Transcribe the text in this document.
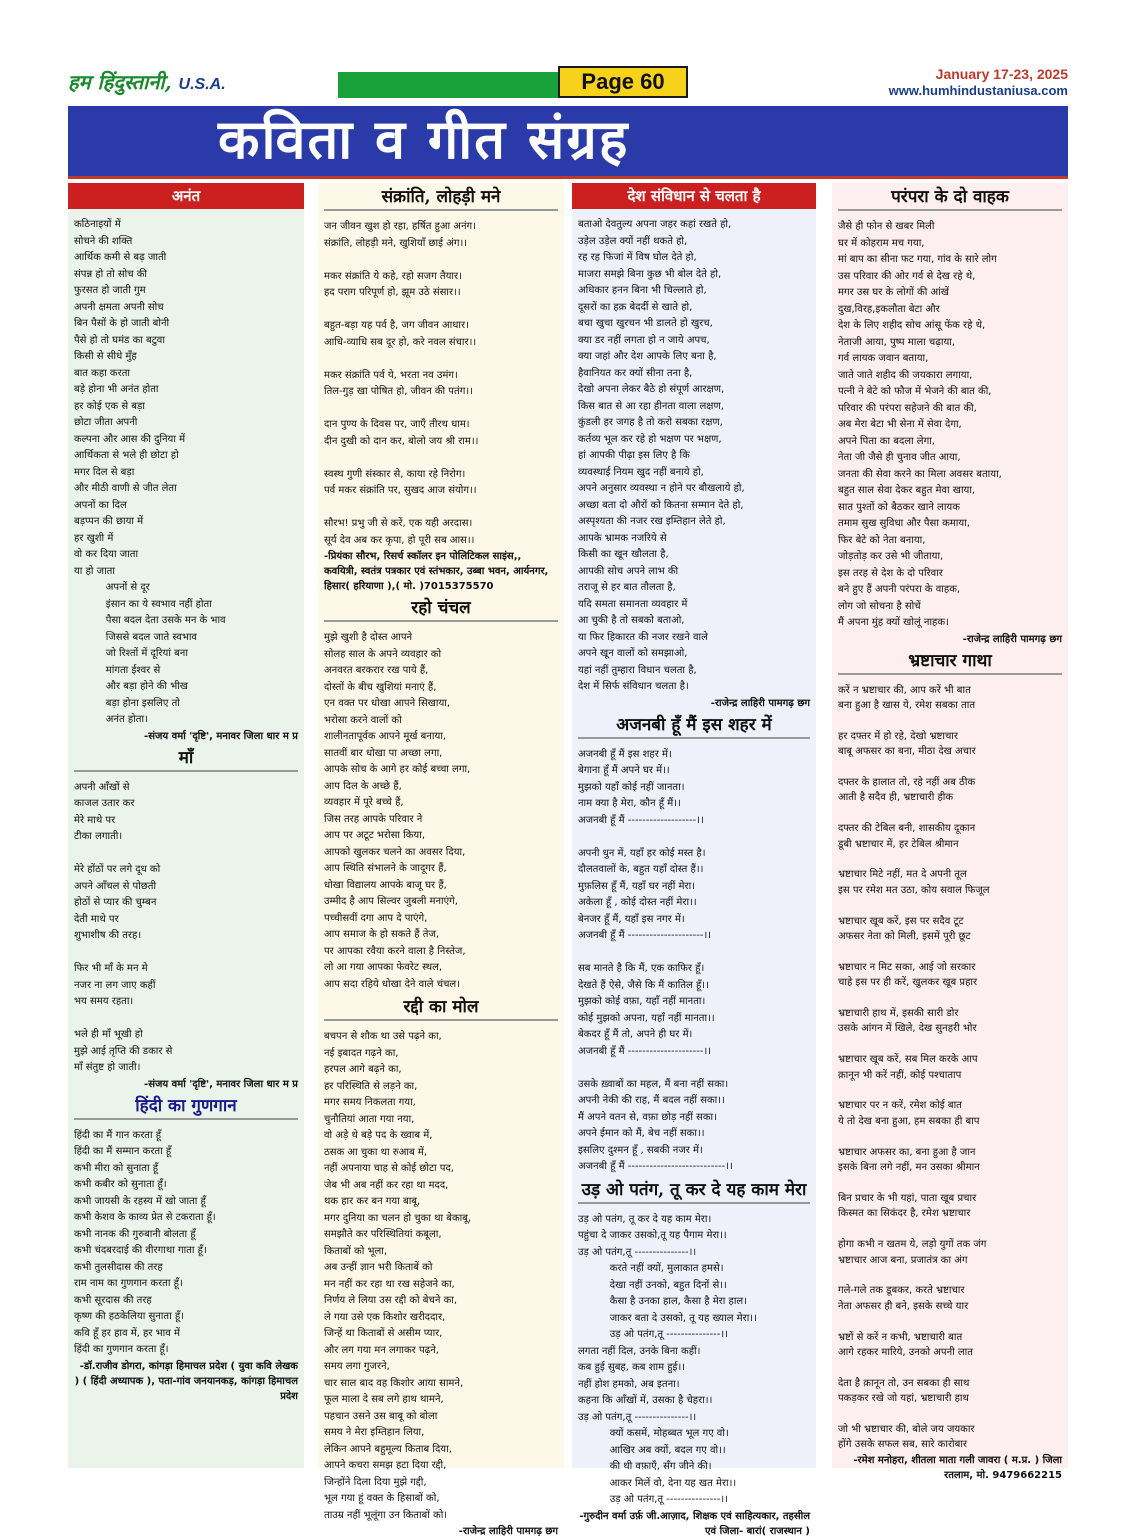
हम हिंदुस्तानी, U.S.A.	Page 60	January 17-23, 2025
www.humhindustaniusa.com
कविता व गीत संग्रह
अनंत
कठिनाइयों में
सोचने की शक्ति
आर्थिक कमी से बढ़ जाती
संपन्न हो तो सोच की
फुरसत हो जाती गुम
अपनी क्षमता अपनी सोच
बिन पैसों के हो जाती बोनी
पैसे हो तो घमंड का बटुवा
किसी से सीधे मुँह
बात कहा करता
बड़े होना भी अनंत होता
हर कोई एक से बड़ा
छोटा जीता अपनी
कल्पना और आस की दुनिया में
आर्थिकता से भले ही छोटा हो
मगर दिल से बड़ा
और मीठी वाणी से जीत लेता
अपनों का दिल
बड़प्पन की छाया में
हर खुशी में
वो कर दिया जाता
या हो जाता
अपनों से दूर
इंसान का ये स्वभाव नहीं होता
पैसा बदल देता उसके मन के भाव
जिससे बदल जाते स्वभाव
जो रिश्तों में दूरियां बना
मांगता ईश्वर से
और बड़ा होने की भीख
बड़ा होना इसलिए तो
अनंत होता।
-संजय वर्मा 'दृष्टि', मनावर जिला धार म प्र
माँ
अपनी आँखों से
काजल उतार कर
मेरे माथे पर
टीका लगाती।

मेरे होंठों पर लगे दूध को
अपने आँचल से पोछती
होठों से प्यार की चुम्बन
देती माथे पर
शुभाशीष की तरह।

फिर भी माँ के मन मे
नजर ना लग जाए कहीं
भय समय रहता।

भले ही माँ भूखी हो
मुझे आई तृप्ति की डकार से
माँ संतुष्ट हो जाती।
-संजय वर्मा 'दृष्टि', मनावर जिला धार म प्र
हिंदी का गुणगान
हिंदी का मैं गान करता हूँ
हिंदी का मैं सम्मान करता हूँ
कभी मीरा को सुनाता हूँ
कभी कबीर को सुनाता हूँ।
कभी जायसी के रहस्य में खो जाता हूँ
कभी केशव के काव्य प्रेत से टकराता हूँ।
कभी नानक की गुरुबानी बोलता हूँ
कभी चंदबरदाई की वीरगाथा गाता हूँ।
कभी तुलसीदास की तरह
राम नाम का गुणगान करता हूँ।
कभी सूरदास की तरह
कृष्ण की हठकेलिया सुनाता हूँ।
कवि हूँ हर हाव में, हर भाव में
हिंदी का गुणगान करता हूँ।
-डॉ.राजीव डोगरा, कांगड़ा हिमाचल प्रदेश ( युवा कवि लेखक ) ( हिंदी अध्यापक ), पता-गांव जनयानकड़, कांगड़ा हिमाचल प्रदेश
संक्रांति, लोहड़ी मने
जन जीवन खुश हो रहा, हर्षित हुआ अनंग।
संक्रांति, लोहड़ी मने, खुशियाँ छाई अंग।।

मकर संक्रांति ये कहे, रहो सजग तैयार।
हद पराग परिपूर्ण हो, झूम उठे संसार।।

बहुत-बड़ा यह पर्व है, जग जीवन आधार।
आधि-व्याधि सब दूर हो, करे नवल संचार।।

मकर संक्रांति पर्व ये, भरता नव उमंग।
तिल-गुड़ खा पोषित हो, जीवन की पतंग।।

दान पुण्य के दिवस पर, जाएँ तीरथ धाम।
दीन दुखी को दान कर, बोलो जय श्री राम।।

स्वस्थ गुणी संस्कार से, काया रहे निरोग।
पर्व मकर संक्रांति पर, सुखद आज संयोग।।

सौरभ! प्रभु जी से करें, एक यही अरदास।
सूर्य देव अब कर कृपा, हो पूरी सब आस।।
-प्रियंका सौरभ, रिसर्च स्कॉलर इन पोलिटिकल साइंस,, कवयित्री, स्वतंत्र पत्रकार एवं स्तंभकार, उब्बा भवन, आर्यनगर, हिसार( हरियाणा ),( मो. )7015375570
रहो चंचल
मुझे खुशी है दोस्त आपने
सोलह साल के अपने व्यवहार को
अनवरत बरकरार रख पाये हैं,
दोस्तों के बीच खुशियां मनाएं हैं,
एन वक्त पर धोखा आपने सिखाया,
भरोसा करने वालों को
शालीनतापूर्वक आपने मूर्ख बनाया,
सातवीं बार धोखा पा अच्छा लगा,
आपके सोच के आगे हर कोई बच्चा लगा,
आप दिल के अच्छे हैं,
व्यवहार में पूरे बच्चे हैं,
जिस तरह आपके परिवार ने
आप पर अटूट भरोसा किया,
आपको खुलकर चलने का अवसर दिया,
आप स्थिति संभालने के जादूगर हैं,
धोखा विद्यालय आपके बाजू घर हैं,
उम्मीद है आप सिल्वर जुबली मनाएंगे,
पच्चीसवीं दगा आप दे पाएंगे,
आप समाज के हो सकते हैं तेज,
पर आपका रवैया करने वाला है निस्तेज,
लो आ गया आपका फेवरेट स्थल,
आप सदा रहिये धोखा देने वाले चंचल।
रद्दी का मोल
बचपन से शौक था उसे पढ़ने का,
नई इबादत गढ़ने का,
हरपल आगे बढ़ने का,
हर परिस्थिति से लड़ने का,
मगर समय निकलता गया,
चुनौतियां आता गया नया,
वो अड़े थे बड़े पद के ख्वाब में,
ठसक आ चुका था रुआब में,
नहीं अपनाया चाह से कोई छोटा पद,
जेब भी अब नहीं कर रहा था मदद,
थक हार कर बन गया बाबू,
मगर दुनिया का चलन हो चुका था बेकाबू,
समझौते कर परिस्थितियां कबूला,
किताबों को भूला,
अब उन्हीं ज्ञान भरी किताबें को
मन नहीं कर रहा था रख सहेजने का,
निर्णय ले लिया उस रद्दी को बेचने का,
ले गया उसे एक किशोर खरीददार,
जिन्हें था किताबों से असीम प्यार,
और लग गया मन लगाकर पढ़ने,
समय लगा गुजरने,
चार साल बाद वह किशोर आया सामने,
फूल माला दे सब लगे हाथ थामने,
पहचान उसने उस बाबू को बोला
समय ने मेरा इम्तिहान लिया,
लेकिन आपने बहुमूल्य किताब दिया,
आपने कचरा समझ हटा दिया रद्दी,
जिन्होंने दिला दिया मुझे गद्दी,
भूल गया हूं वक्त के हिसाबों को,
ताउम्र नहीं भूलूंगा उन किताबों को।
-राजेन्द्र लाहिरी पामगढ़ छग
देश संविधान से चलता है
बताओ देवतुल्य अपना जहर कहां रखते हो,
उड़ेल उड़ेल क्यों नहीं थकते हो,
रह रह फिजां में विष घोल देते हो,
माजरा समझे बिना कुछ भी बोल देते हो,
अधिकार हनन बिना भी चिल्लाते हो,
दूसरों का हक़ बेदर्दी से खाते हो,
बचा खुचा खुरचन भी डालते हो खुरच,
क्या डर नहीं लगता हो न जाये अपच,
क्या जहां और देश आपके लिए बना है,
हैवानियत कर क्यों सीना तना है,
देखो अपना लेकर बैठे हो संपूर्ण आरक्षण,
किस बात से आ रहा हीनता वाला लक्षण,
कुंडली हर जगह है तो करो सबका रक्षण,
कर्तव्य भूल कर रहे हो भक्षण पर भक्षण,
हां आपकी पीढ़ा इस लिए है कि
व्यवस्थाई नियम खुद नहीं बनाये हो,
अपने अनुसार व्यवस्था न होने पर बौखलाये हो,
अच्छा बता दो औरों को कितना सम्मान देते हो,
अस्पृश्यता की नजर रख इम्तिहान लेते हो,
आपके भ्रामक नजरिये से
किसी का खून खौलता है,
आपकी सोच अपने लाभ की
तराजू से हर बात तौलता है,
यदि समता समानता व्यवहार में
आ चुकी है तो सबको बताओ,
या फिर हिकारत की नजर रखने वाले
अपने खून वालों को समझाओ,
यहां नहीं तुम्हारा विधान चलता है,
देश में सिर्फ संविधान चलता है।
-राजेन्द्र लाहिरी पामगढ़ छग
अजनबी हूँ मैं इस शहर में
अजनबी हूँ मैं इस शहर में।
बेगाना हूँ मैं अपने घर में।।
मुझको यहाँ कोई नहीं जानता।
नाम क्या है मेरा, कौन हूँ मैं।।
अजनबी हूँ मैं -------------------।।

अपनी धुन में, यहाँ हर कोई मस्त है।
दौलतवालों के, बहुत यहाँ दोस्त हैं।।
मुफ़लिस हूँ मैं, यहाँ घर नहीं मेरा।
अकेला हूँ , कोई दोस्त नहीं मेरा।।
बेनजर हूँ मैं, यहाँ इस नगर में।
अजनबी हूँ मैं ---------------------।।

सब मानते है कि मैं, एक काफिर हूँ।
देखते हैं ऐसे, जैसे कि मैं कातिल हूँ।।
मुझको कोई वफ़ा, यहाँ नहीं मानता।
कोई मुझको अपना, यहाँ नहीं मानता।।
बेकदर हूँ मैं तो, अपने ही घर में।
अजनबी हूँ मैं ---------------------।।

उसके ख़्वाबों का महल, मैं बना नहीं सका।
अपनी नेकी की राह, मैं बदल नहीं सका।।
मैं अपने वतन से, वफ़ा छोड़ नहीं सका।
अपने ईमान को मैं, बेच नहीं सका।।
इसलिए दुश्मन हूँ , सबकी नजर में।
अजनबी हूँ मैं ---------------------------।।
उड़ ओ पतंग, तू कर दे यह काम मेरा
उड़ ओ पतंग, तू कर दे यह काम मेरा।
पहुंचा दे जाकर उसको,तू यह पैगाम मेरा।।
उड़ ओ पतंग,तू ---------------।।
करते नहीं क्यों, मुलाकात हमसे।
देखा नहीं उनको, बहुत दिनों से।।
कैसा है उनका हाल, कैसा है मेरा हाल।
जाकर बता दे उसको, तू यह ख्याल मेरा।।
उड़ ओ पतंग,तू ---------------।।
लगता नहीं दिल, उनके बिना कहीं।
कब हुई सुबह, कब शाम हुई।।
नहीं होश हमको, अब इतना।
कहना कि आँखों में, उसका है चेहरा।।
उड़ ओ पतंग,तू ---------------।।
क्यों कसमें, मोहब्बत भूल गए वो।
आखिर अब क्यों, बदल गए वो।।
की थी वफ़ाएँ, सँग जीने की।
आकर मिलें वो, देना यह खत मेरा।।
उड़ ओ पतंग,तू ---------------।।
-गुरुदीन वर्मा उर्फ़ जी.आज़ाद, शिक्षक एवं साहित्यकार, तहसील एवं जिला- बारां( राजस्थान )
परंपरा के दो वाहक
जैसे ही फोन से खबर मिली
घर में कोहराम मच गया,
मां बाप का सीना फट गया, गांव के सारे लोग
उस परिवार की ओर गर्व से देख रहे थे,
मगर उस घर के लोगों की आंखें
दुख,विरह,इकलौता बेटा और
देश के लिए शहीद सोच आंसू फेंक रहे थे,
नेताजी आया, पुष्प माला चढ़ाया,
गर्व लायक जवान बताया,
जाते जाते शहीद की जयकारा लगाया,
पत्नी ने बेटे को फौज में भेजने की बात की,
परिवार की परंपरा सहेजने की बात की,
अब मेरा बेटा भी सेना में सेवा देगा,
अपने पिता का बदला लेगा,
नेता जी जैसे ही चुनाव जीत आया,
जनता की सेवा करने का मिला अवसर बताया,
बहुत साल सेवा देकर बहुत मेवा खाया,
सात पुश्तों को बैठकर खाने लायक
तमाम सुख सुविधा और पैसा कमाया,
फिर बेटे को नेता बनाया,
जोड़तोड़ कर उसे भी जीताया,
इस तरह से देश के दो परिवार
बने हुए हैं अपनी परंपरा के वाहक,
लोग जो सोचना है सोचें
मैं अपना मुंह क्यों खोलूं नाहक।
-राजेन्द्र लाहिरी पामगढ़ छग
भ्रष्टाचार गाथा
करें न भ्रष्टाचार की, आप करें भी बात
बना हुआ है खास ये, रमेश सबका तात

हर दफ्तर में हो रहे, देखो भ्रष्टाचार
बाबू अफसर का बना, मीठा देख अचार

दफ्तर के हालात तो, रहे नहीं अब ठीक
आती है सदैव ही, भ्रष्टाचारी हीक

दफ्तर की टेबिल बनी, शासकीय दूकान
डूबी भ्रष्टाचार में, हर टेबिल श्रीमान

भ्रष्टाचार मिटे नहीं, मत दे अपनी तूल
इस पर रमेश मत उठा, कोय सवाल फिजूल

भ्रष्टाचार खूब करें, इस पर सदैव टूट
अफसर नेता को मिली, इसमें पूरी छूट

भ्रष्टाचार न मिट सका, आई जो सरकार
चाहे इस पर ही करें, खुलकर खूब प्रहार

भ्रष्टाचारी हाथ में, इसकी सारी डोर
उसके आंगन में खिले, देख सुनहरी भोर

भ्रष्टाचार खूब करें, सब मिल करके आप
क़ानून भी करें नहीं, कोई पश्चाताप

भ्रष्टाचार पर न करें, रमेश कोई बात
ये तो देख बना हुआ, हम सबका ही बाप

भ्रष्टाचार अफसर का, बना हुआ है जान
इसके बिना लगे नहीं, मन उसका श्रीमान

बिन प्रचार के भी यहां, पाता खूब प्रचार
किस्मत का सिकंदर है, रमेश भ्रष्टाचार

होगा कभी न खतम ये, लड़ो युगों तक जंग
भ्रष्टाचार आज बना, प्रजातंत्र का अंग

गले-गले तक डूबकर, करते भ्रष्टाचार
नेता अफसर ही बने, इसके सच्चे यार

भ्रष्टों से करें न कभी, भ्रष्टाचारी बात
आगे रहकर मारिये, उनको अपनी लात

देता है क़ानून तो, उन सबका ही साथ
पकड़कर रखे जो यहां, भ्रष्टाचारी हाथ

जो भी भ्रष्टाचार की, बोले जय जयकार
होंगे उसके सफल सब, सारे कारोबार
-रमेश मनोहरा, शीतला माता गली जावरा ( म.प्र. ) जिला रतलाम, मो. 9479662215
